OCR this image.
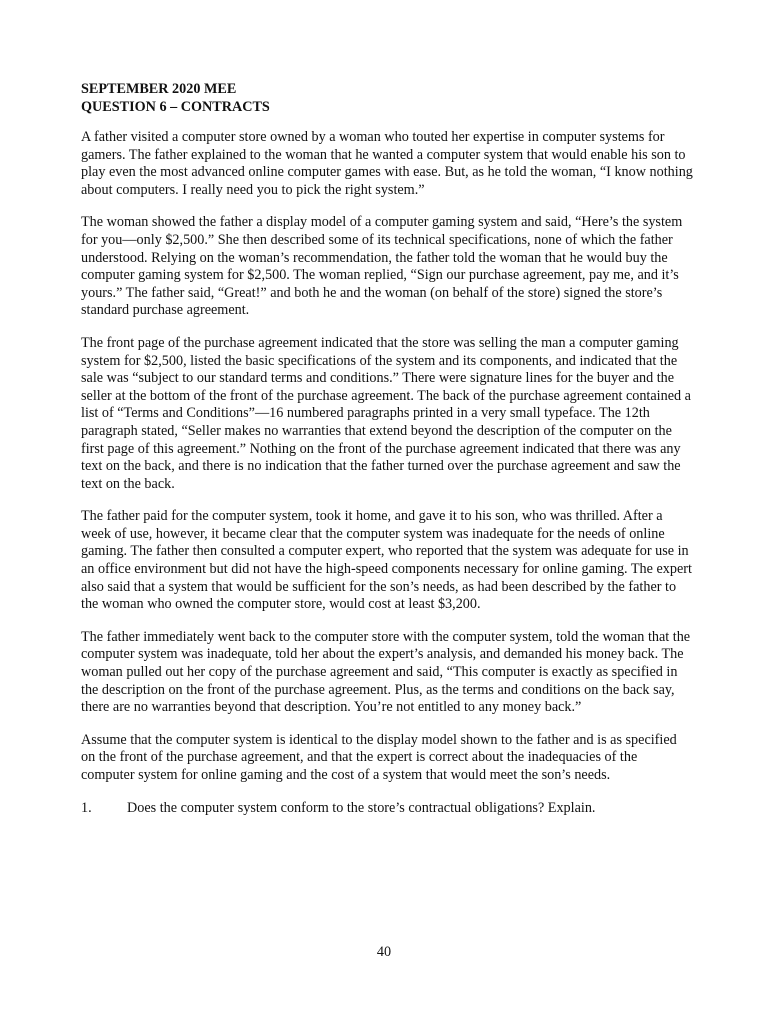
SEPTEMBER 2020 MEE

QUESTION 6 – CONTRACTS

A father visited a computer store owned by a woman who touted her expertise in computer systems for gamers. The father explained to the woman that he wanted a computer system that would enable his son to play even the most advanced online computer games with ease. But, as he told the woman, “I know nothing about computers. I really need you to pick the right system.”

The woman showed the father a display model of a computer gaming system and said, “Here’s the system for you—only $2,500.” She then described some of its technical specifications, none of which the father understood. Relying on the woman’s recommendation, the father told the woman that he would buy the computer gaming system for $2,500. The woman replied, “Sign our purchase agreement, pay me, and it’s yours.” The father said, “Great!” and both he and the woman (on behalf of the store) signed the store’s standard purchase agreement.

The front page of the purchase agreement indicated that the store was selling the man a computer gaming system for $2,500, listed the basic specifications of the system and its components, and indicated that the sale was “subject to our standard terms and conditions.” There were signature lines for the buyer and the seller at the bottom of the front of the purchase agreement. The back of the purchase agreement contained a list of “Terms and Conditions”—16 numbered paragraphs printed in a very small typeface. The 12th paragraph stated, “Seller makes no warranties that extend beyond the description of the computer on the first page of this agreement.” Nothing on the front of the purchase agreement indicated that there was any text on the back, and there is no indication that the father turned over the purchase agreement and saw the text on the back.

The father paid for the computer system, took it home, and gave it to his son, who was thrilled. After a week of use, however, it became clear that the computer system was inadequate for the needs of online gaming. The father then consulted a computer expert, who reported that the system was adequate for use in an office environment but did not have the high-speed components necessary for online gaming. The expert also said that a system that would be sufficient for the son’s needs, as had been described by the father to the woman who owned the computer store, would cost at least $3,200.

The father immediately went back to the computer store with the computer system, told the woman that the computer system was inadequate, told her about the expert’s analysis, and demanded his money back. The woman pulled out her copy of the purchase agreement and said, “This computer is exactly as specified in the description on the front of the purchase agreement. Plus, as the terms and conditions on the back say, there are no warranties beyond that description. You’re not entitled to any money back.”

Assume that the computer system is identical to the display model shown to the father and is as specified on the front of the purchase agreement, and that the expert is correct about the inadequacies of the computer system for online gaming and the cost of a system that would meet the son’s needs.

1.	Does the computer system conform to the store’s contractual obligations? Explain.
40
